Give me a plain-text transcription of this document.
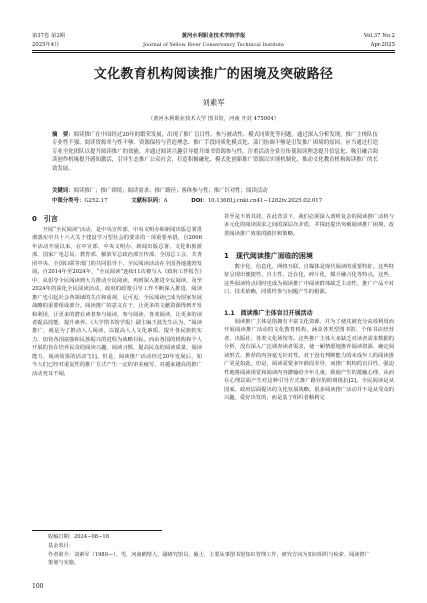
第37卷 第2期
2025年4月
黄河水利职业技术学院学报
Journal of Yellow River Conservancy Technical Institute
Vol.37 No.2
Apr.2025
文化教育机构阅读推广的困境及突破路径
刘素军
（黄河水利职业技术大学 图书馆，河南 开封 475004）
摘　要：阅读推广在中国经过20年的繁荣发展，出现了推广盲目性、参与被动性、模式同质化等问题。通过深入分析发现，推广主体队伍专业性不强、阅读资源单与性不够、资源保持与营造理念、推广手段同质化模式化、部门协调不够是引发推广困境的原因。应当通过打造专业全化团队以提升阅读推广的效能，并通过阅读兴趣引导提升图书资源参与性，注重活动全景宣传使阅读理念提升信息化、吸引融合阅读创作机缘提升感知激活，引导生态推广公众社会，打造积极融化、模式化创新推广资源以实现机制化，推动文化教育机构阅读推广的长效发展。
关键词：阅读推广；推广困境；阅读需求；推广路径；客体参与性；推广针对性；阅读活动
中图分类号：G252.17	文献标识码：A	DOI：10.13681j.cnki.cn41−1282tv.2025.02.017
0　引言

开展“全民阅读”活动，是中央宣传部、中央文明办和新闻出版总署贯彻落实中共十六大关于建设学习型社会的要求的一项重要举措，自2006年活动开展以来，在中宣部、中央文明办、新闻出版总署、文化和旅游部、国家广电总局、教育部、解放军总政治部宣传部、全国总工会、共青团中央、全国妇联等部门的共同倡导下，全民阅读活动在全国各地蓬勃发展。自2014年至2024年，“全民阅读”连续11次被写入《政府工作报告》中，从倡导全民阅读到大力推动全民阅读，再到深入推进全民阅读，及至2024年的深化全民阅读活动，政府的政策引导工作不断深入推进，阅读推广也引起社会各领域的关注和重视，足可见，全民阅读已成为国家发展战略的重要组成部分。阅读推广的意义在于，让更多的文献资源得到开发和利用，让更多的潜在读者参与阅读，参与阅读、喜欢阅读，让更多的读者提高技能、提升素养。《大学图书馆学报》副主编王波先生认为，“阅读推广，就是为了推动人人阅读，以提高人人文化素质、提升各民族软实力、加快各国富强和民族振兴的进程为战略目标。而由各国的机构和个人开展的旨在培养民众的阅读兴趣、阅读习惯，提高民众的阅读质量、阅读能力、阅读效果的活动”[1]。但是，阅读推广活动经过20年发展后，如今人们已经对重复性的推广方式产生一定的审美疲劳，对越来越高的推广活动充耳不闻，

甚至是不屑其技，在此背景下，我们必须深入剖析复杂的阅读推广动机与多元化的阅读需求之间的深层次矛盾，并探此提出突破阅读推广困境，改善阅读推广效果的路径和策略。

1　现代阅读推广面临的困境

数字化、信息化、网络互联，自媒体是现代阅读的重要特征。这些特征呈现出便捷性，自主性，泛在化，碎片化，媒介融合化等特点，这些、这些阅读特点同时也成为阅读推广中阅读群体缺乏主动性、推广产品不对口、技术依赖，同质性参与问题产生的根源。

1.1　阅读推广主体盲目开展活动

阅读推广主体是指拥有丰富文化资源、并为了使其被充分高效利用而开展阅读推广活动的文化教育机构，涵盖各类型图书馆、个体书店经营者、出版社、各类文化场馆等。这些推广主体大多缺乏对读者需求数据的分析，没有深入广泛调查读者需求，使一厢情愿地推荐阅读资源、确定阅读形式、推荐的内容毫无针对性。对于没有判断能力的未成年人的阅读推广更是如此。但是，阅读需要多年龄段差异，而推广机构的盲目性，强迫性地将阅读视觉和阅读内容灌输给少年儿童，致使产生的抵触心理，从而在心理层面产生对这种引导方式推广路径的阻碍抵抗[2]。全民阅读是从国家，政府层面提出的文化发展战略。很多阅读推广活动并不是从受众的兴趣，爱好出发的，而是基于组织者顺利完

收稿日期：2024−08−18
基金项目：
作者简介：刘素军（1980—），男，河南鹤壁人，副研究馆员，硕士，主要从事图书馆知识管理工作，研究方向为知识组织与检索、阅读推广策划与实施。
100
